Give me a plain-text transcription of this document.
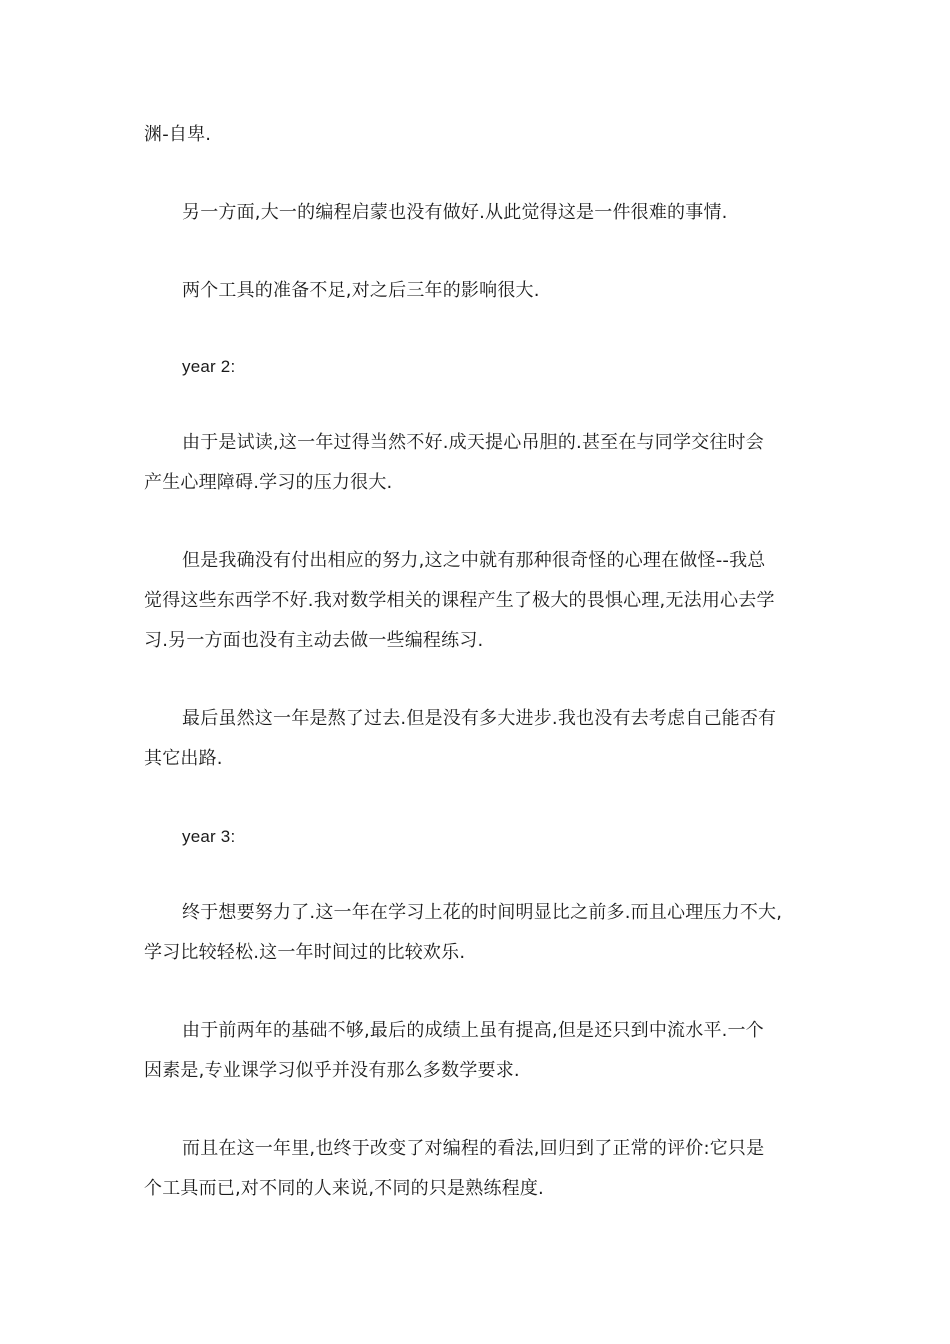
渊-自卑.
另一方面,大一的编程启蒙也没有做好.从此觉得这是一件很难的事情.
两个工具的准备不足,对之后三年的影响很大.
year 2:
由于是试读,这一年过得当然不好.成天提心吊胆的.甚至在与同学交往时会
产生心理障碍.学习的压力很大.
但是我确没有付出相应的努力,这之中就有那种很奇怪的心理在做怪--我总
觉得这些东西学不好.我对数学相关的课程产生了极大的畏惧心理,无法用心去学
习.另一方面也没有主动去做一些编程练习.
最后虽然这一年是熬了过去.但是没有多大进步.我也没有去考虑自己能否有
其它出路.
year 3:
终于想要努力了.这一年在学习上花的时间明显比之前多.而且心理压力不大,
学习比较轻松.这一年时间过的比较欢乐.
由于前两年的基础不够,最后的成绩上虽有提高,但是还只到中流水平.一个
因素是,专业课学习似乎并没有那么多数学要求.
而且在这一年里,也终于改变了对编程的看法,回归到了正常的评价:它只是
个工具而已,对不同的人来说,不同的只是熟练程度.
